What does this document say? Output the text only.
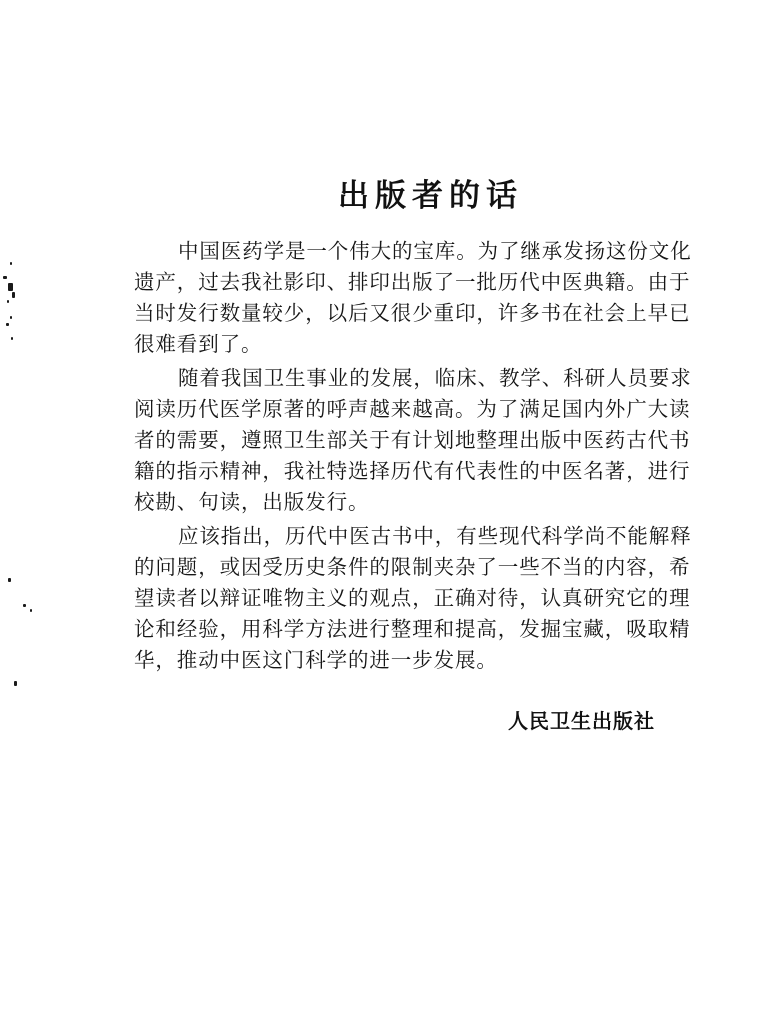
出版者的话

中国医药学是一个伟大的宝库。为了继承发扬这份文化

遗产，过去我社影印、排印出版了一批历代中医典籍。由于

当时发行数量较少，以后又很少重印，许多书在社会上早已

很难看到了。

随着我国卫生事业的发展，临床、教学、科研人员要求

阅读历代医学原著的呼声越来越高。为了满足国内外广大读

者的需要，遵照卫生部关于有计划地整理出版中医药古代书

籍的指示精神，我社特选择历代有代表性的中医名著，进行

校勘、句读，出版发行。

应该指出，历代中医古书中，有些现代科学尚不能解释

的问题，或因受历史条件的限制夹杂了一些不当的内容，希

望读者以辩证唯物主义的观点，正确对待，认真研究它的理

论和经验，用科学方法进行整理和提高，发掘宝藏，吸取精

华，推动中医这门科学的进一步发展。

人民卫生出版社
